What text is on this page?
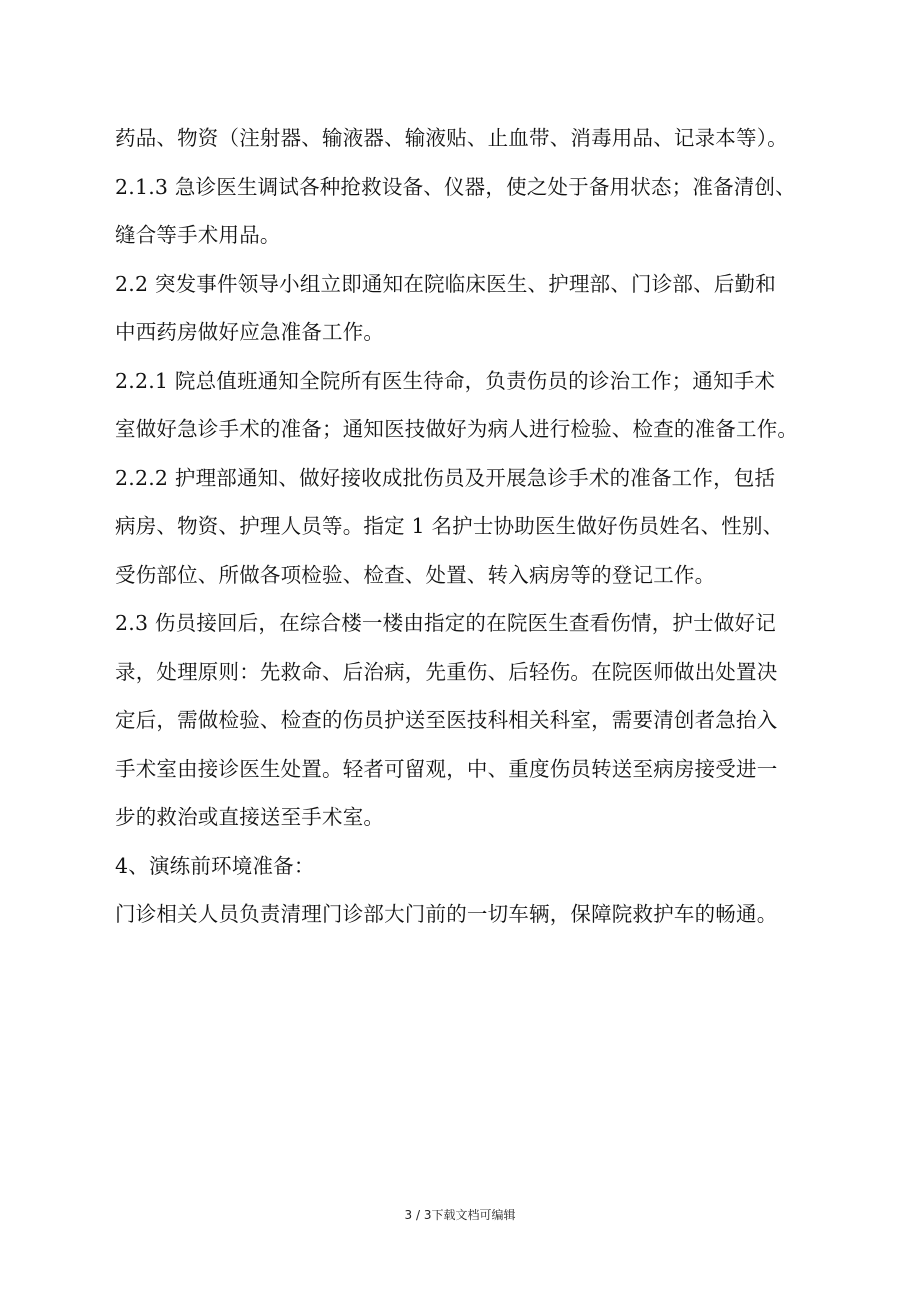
药品、物资（注射器、输液器、输液贴、止血带、消毒用品、记录本等）。
2.1.3 急诊医生调试各种抢救设备、仪器，使之处于备用状态；准备清创、
缝合等手术用品。
2.2 突发事件领导小组立即通知在院临床医生、护理部、门诊部、后勤和
中西药房做好应急准备工作。
2.2.1 院总值班通知全院所有医生待命，负责伤员的诊治工作；通知手术
室做好急诊手术的准备；通知医技做好为病人进行检验、检查的准备工作。
2.2.2 护理部通知、做好接收成批伤员及开展急诊手术的准备工作，包括
病房、物资、护理人员等。指定 1 名护士协助医生做好伤员姓名、性别、
受伤部位、所做各项检验、检查、处置、转入病房等的登记工作。
2.3 伤员接回后，在综合楼一楼由指定的在院医生查看伤情，护士做好记
录，处理原则：先救命、后治病，先重伤、后轻伤。在院医师做出处置决
定后，需做检验、检查的伤员护送至医技科相关科室，需要清创者急抬入
手术室由接诊医生处置。轻者可留观，中、重度伤员转送至病房接受进一
步的救治或直接送至手术室。
4、演练前环境准备：
门诊相关人员负责清理门诊部大门前的一切车辆，保障院救护车的畅通。
3 / 3下载文档可编辑
